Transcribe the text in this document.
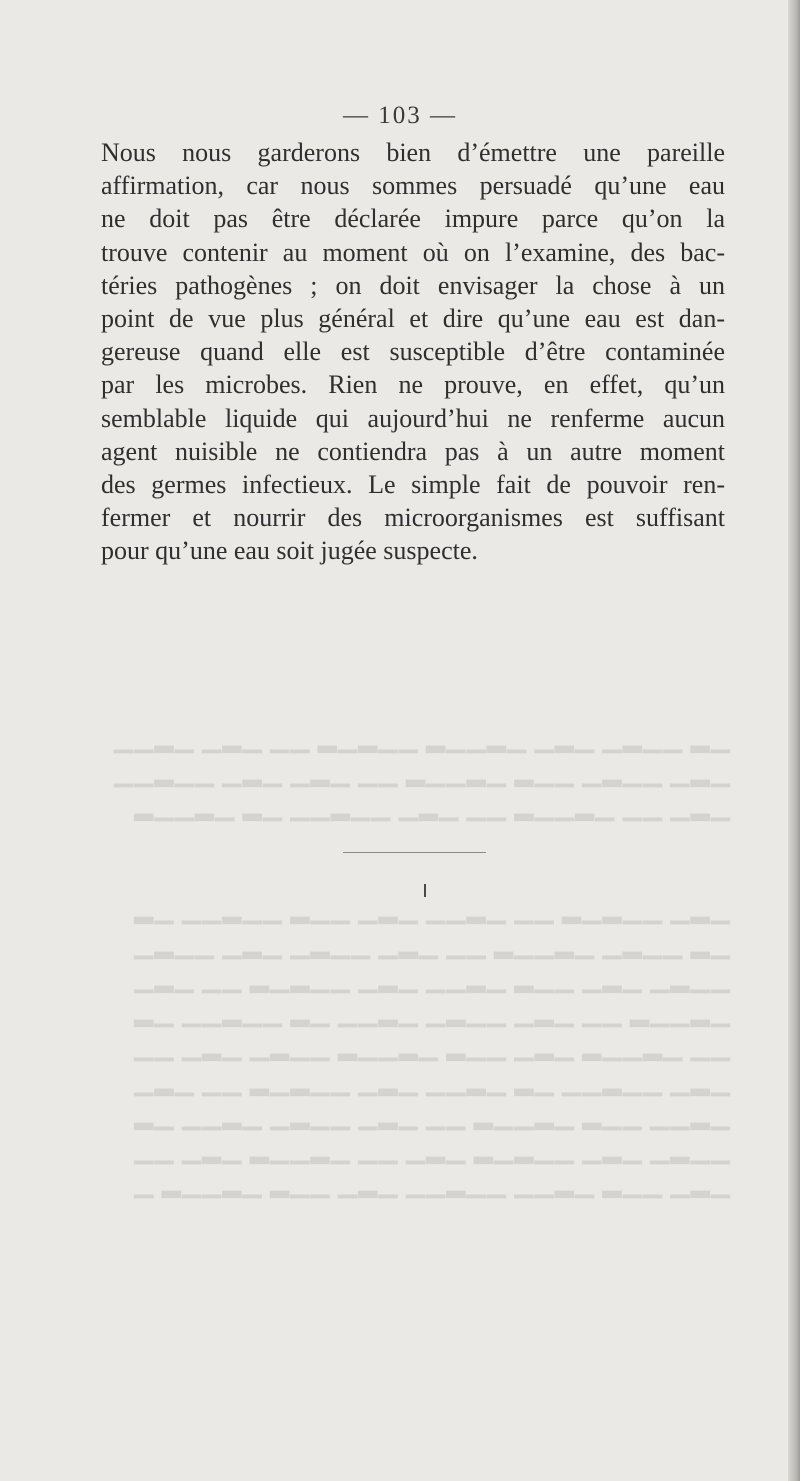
— 103 —

Nous nous garderons bien d’émettre une pareille
affirmation, car nous sommes persuadé qu’une eau
ne doit pas être déclarée impure parce qu’on la
trouve contenir au moment où on l’examine, des bac-
téries pathogènes ; on doit envisager la chose à un
point de vue plus général et dire qu’une eau est dan-
gereuse quand elle est susceptible d’être contaminée
par les microbes. Rien ne prouve, en effet, qu’un
semblable liquide qui aujourd’hui ne renferme aucun
agent nuisible ne contiendra pas à un autre moment
des germes infectieux. Le simple fait de pouvoir ren-
fermer et nourrir des microorganismes est suffisant
pour qu’une eau soit jugée suspecte.

▁▂ ▁▁▂▁ ▁▂▁ ▁▂▁▁▂ ▁▁▂▁▂ ▁▁ ▁▂▁ ▁▂▁▁
▁▂▁ ▁▁▂▁ ▁▁▂ ▁▂▁▁▂ ▁▁ ▁▂▁ ▁▂▁ ▁▁▂▁▁
▁▂▁ ▁▁ ▁▂▁▁▂ ▁▁ ▁▂▁ ▁▁▂▁▁ ▁▂ ▁▂▁▁▂
▁▂▁ ▁▁▂▁▂ ▁▁ ▁▂▁▁ ▁▂▁ ▁▁▂ ▁▁▂▁▁ ▁▂
▁▂ ▁▁▂▁ ▁▂▁▁▂ ▁▁ ▁▂▁ ▁▁▂▁ ▁▂▁ ▁▁▂▁
▁▁▂▁ ▁▂▁ ▁▁▂ ▁▂▁▁ ▁▂▁ ▁▁▂▁▂ ▁▁ ▁▂▁
▁▂▁▁▂ ▁▁ ▁▂▁ ▁▁▂▁ ▁▂▁▁ ▁▂ ▁▁▂▁▁ ▁▂
▁▁ ▁▂▁▁▂ ▁▂▁ ▁▁▂ ▁▂▁▁▂ ▁▁▂▁ ▁▂▁ ▁▁
▁▂▁ ▁▁▂▁▁ ▁▂ ▁▂▁▁ ▁▂▁ ▁▁▂▁▂ ▁▁ ▁▂▁
▁▂▁▁ ▁▁▂ ▁▂▁▁▂ ▁▁ ▁▂▁ ▁▁▂▁ ▁▂▁▁ ▁▂
▁▁▂▁ ▁▂▁ ▁▁▂▁▂ ▁▂▁ ▁▁ ▁▂▁▁▂ ▁▂▁ ▁▁
▁▂▁ ▁▁▂ ▁▂▁▁ ▁▁▂▁▁ ▁▂▁ ▁▁▂ ▁▂▁▁▂ ▁
